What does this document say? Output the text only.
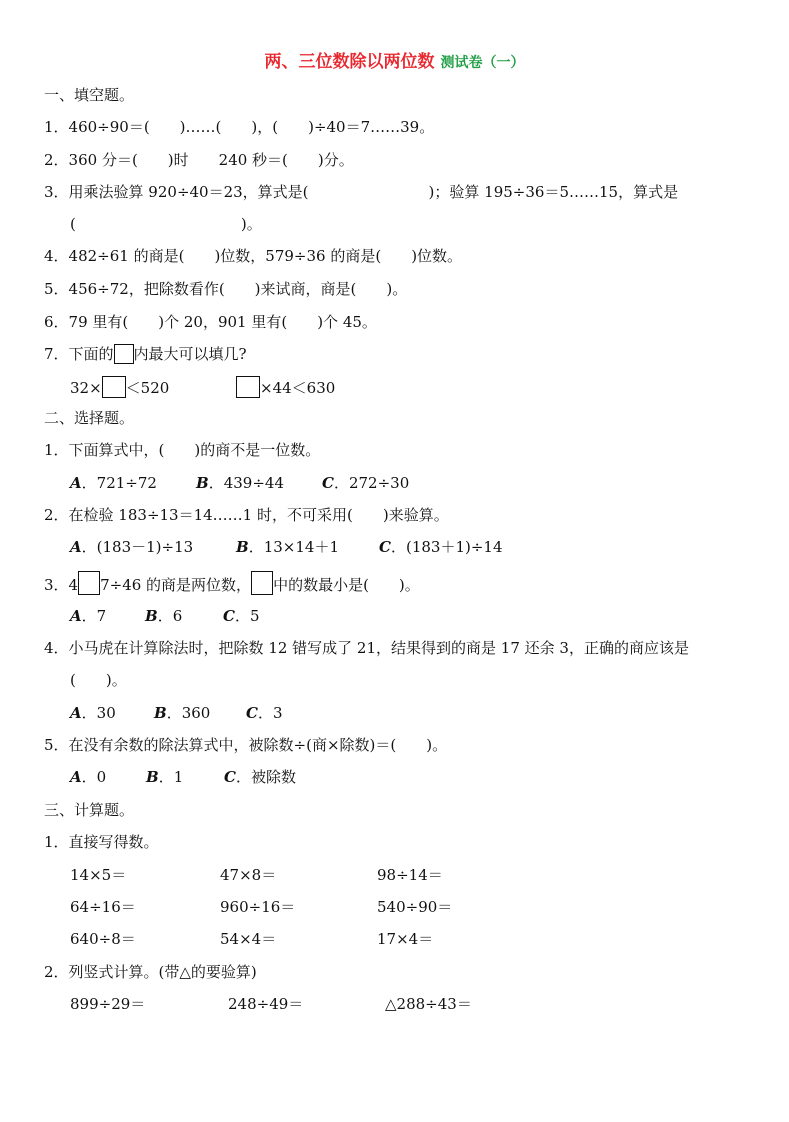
两、三位数除以两位数 测试卷（一）
一、填空题。
1．460÷90＝(　　)……(　　)，(　　)÷40＝7……39。
2．360 分＝(　　)时　　240 秒＝(　　)分。
3．用乘法验算 920÷40＝23，算式是(　　　　　　　　)；验算 195÷36＝5……15，算式是
(　　　　　　　　　　　)。
4．482÷61 的商是(　　)位数，579÷36 的商是(　　)位数。
5．456÷72，把除数看作(　　)来试商，商是(　　)。
6．79 里有(　　)个 20，901 里有(　　)个 45。
7．下面的 内最大可以填几?
32× ＜520	×44＜630
二、选择题。
1．下面算式中，(　　)的商不是一位数。
A．721÷72	B．439÷44	C．272÷30
2．在检验 183÷13＝14……1 时，不可采用(　　)来验算。
A．(183－1)÷13	B．13×14＋1	C．(183＋1)÷14
3．4 7÷46 的商是两位数， 中的数最小是(　　)。
A．7	B．6	C．5
4．小马虎在计算除法时，把除数 12 错写成了 21，结果得到的商是 17 还余 3，正确的商应该是
(　　)。
A．30	B．360 C．3
5．在没有余数的除法算式中，被除数÷(商×除数)＝(　　)。
A．0	B．1	C．被除数
三、计算题。
1．直接写得数。
14×5＝	47×8＝	98÷14＝
64÷16＝	960÷16＝	540÷90＝
640÷8＝	54×4＝	17×4＝
2．列竖式计算。(带△的要验算)
899÷29＝	248÷49＝	△288÷43＝
